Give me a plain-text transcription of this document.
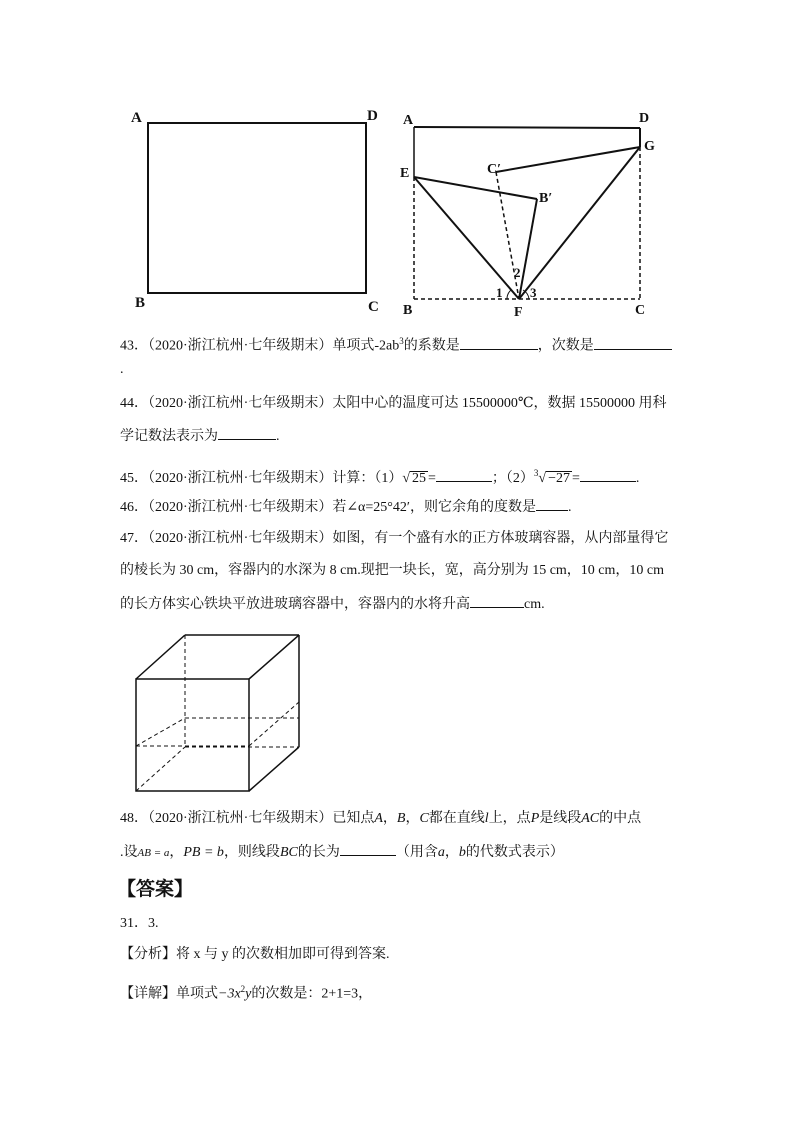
A	D
B	C
A	D
G
E	C′
B′
2
1 3
B	F	C
43．（2020·浙江杭州·七年级期末）单项式$-2ab^3$的系数是	，次数是
.
44．（2020·浙江杭州·七年级期末）太阳中心的温度可达 15500000℃，数据 15500000 用科
学记数法表示为	.
45．（2020·浙江杭州·七年级期末）计算：（1）√ 25 =	；$(2)^3√ -27$ =	.
46．（2020·浙江杭州·七年级期末）若∠α=25°42′，则它余角的度数是 .
47．（2020·浙江杭州·七年级期末）如图，有一个盛有水的正方体玻璃容器，从内部量得它
的棱长为 30 cm，容器内的水深为 8 cm.现把一块长，宽，高分别为 15 cm，10 cm，10 cm
的长方体实心铁块平放进玻璃容器中，容器内的水将升高	cm.
48．（2020·浙江杭州·七年级期末）已知点A，B，C都在直线l上，点P是线段AC的中点
.设AB = a，PB = b，则线段BC的长为	（用含a，b的代数式表示）
【答案】
31．3.
【分析】将 x 与 y 的次数相加即可得到答案.
【详解】单项式$-3x^2y$的次数是：2+1=3，
